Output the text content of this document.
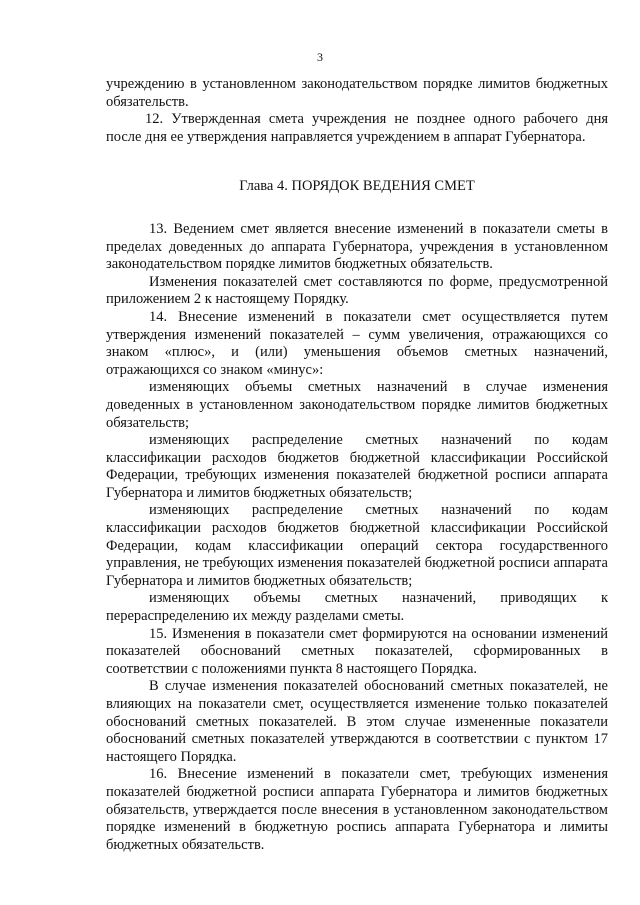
3

учреждению в установленном законодательством порядке лимитов бюджетных обязательств.

12. Утвержденная смета учреждения не позднее одного рабочего дня после дня ее утверждения направляется учреждением в аппарат Губернатора.

Глава 4. ПОРЯДОК ВЕДЕНИЯ СМЕТ

13. Ведением смет является внесение изменений в показатели сметы в пределах доведенных до аппарата Губернатора, учреждения в установленном законодательством порядке лимитов бюджетных обязательств.

Изменения показателей смет составляются по форме, предусмотренной приложением 2 к настоящему Порядку.

14. Внесение изменений в показатели смет осуществляется путем утверждения изменений показателей – сумм увеличения, отражающихся со знаком «плюс», и (или) уменьшения объемов сметных назначений, отражающихся со знаком «минус»:

изменяющих объемы сметных назначений в случае изменения доведенных в установленном законодательством порядке лимитов бюджетных обязательств;

изменяющих распределение сметных назначений по кодам классификации расходов бюджетов бюджетной классификации Российской Федерации, требующих изменения показателей бюджетной росписи аппарата Губернатора и лимитов бюджетных обязательств;

изменяющих распределение сметных назначений по кодам классификации расходов бюджетов бюджетной классификации Российской Федерации, кодам классификации операций сектора государственного управления, не требующих изменения показателей бюджетной росписи аппарата Губернатора и лимитов бюджетных обязательств;

изменяющих объемы сметных назначений, приводящих к перераспределению их между разделами сметы.

15. Изменения в показатели смет формируются на основании изменений показателей обоснований сметных показателей, сформированных в соответствии с положениями пункта 8 настоящего Порядка.

В случае изменения показателей обоснований сметных показателей, не влияющих на показатели смет, осуществляется изменение только показателей обоснований сметных показателей. В этом случае измененные показатели обоснований сметных показателей утверждаются в соответствии с пунктом 17 настоящего Порядка.

16. Внесение изменений в показатели смет, требующих изменения показателей бюджетной росписи аппарата Губернатора и лимитов бюджетных обязательств, утверждается после внесения в установленном законодательством порядке изменений в бюджетную роспись аппарата Губернатора и лимиты бюджетных обязательств.
